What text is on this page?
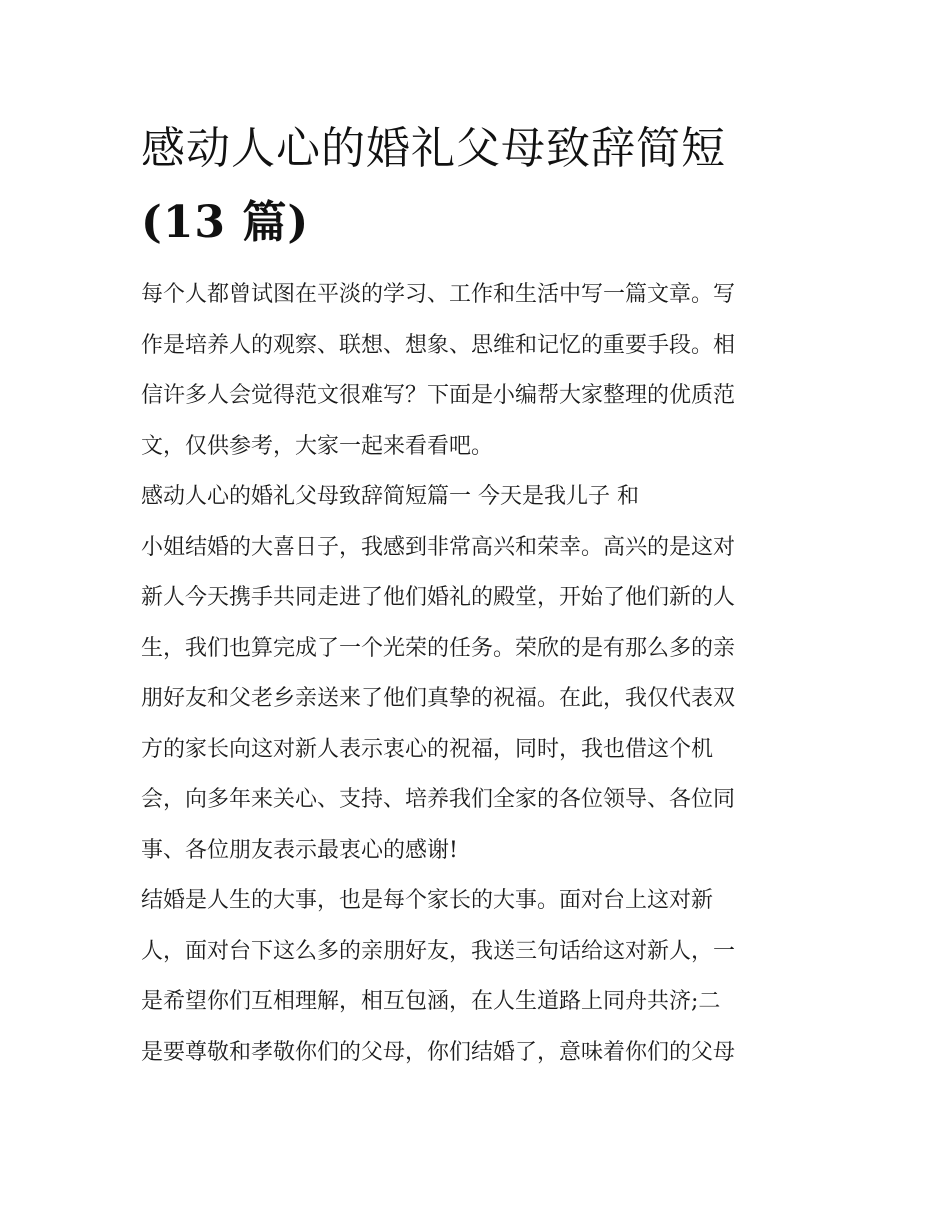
感动人心的婚礼父母致辞简短
(13 篇)

每个人都曾试图在平淡的学习、工作和生活中写一篇文章。写
作是培养人的观察、联想、想象、思维和记忆的重要手段。相
信许多人会觉得范文很难写？下面是小编帮大家整理的优质范
文，仅供参考，大家一起来看看吧。

感动人心的婚礼父母致辞简短篇一 今天是我儿子 和
小姐结婚的大喜日子，我感到非常高兴和荣幸。高兴的是这对
新人今天携手共同走进了他们婚礼的殿堂，开始了他们新的人
生，我们也算完成了一个光荣的任务。荣欣的是有那么多的亲
朋好友和父老乡亲送来了他们真挚的祝福。在此，我仅代表双
方的家长向这对新人表示衷心的祝福，同时，我也借这个机
会，向多年来关心、支持、培养我们全家的各位领导、各位同
事、各位朋友表示最衷心的感谢!

结婚是人生的大事，也是每个家长的大事。面对台上这对新
人，面对台下这么多的亲朋好友，我送三句话给这对新人，一
是希望你们互相理解，相互包涵，在人生道路上同舟共济;二
是要尊敬和孝敬你们的父母，你们结婚了，意味着你们的父母
